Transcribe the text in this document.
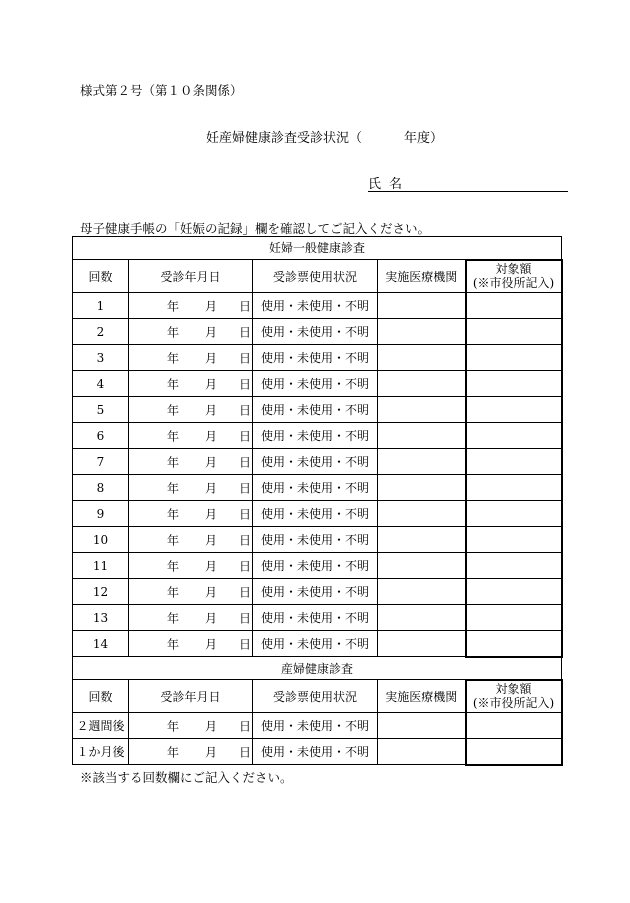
様式第２号（第１０条関係）
妊産婦健康診査受診状況（	年度）
氏名
母子健康手帳の「妊娠の記録」欄を確認してご記入ください。
妊婦一般健康診査				
回数	受診年月日	受診票使用状況	実施医療機関	対象額
(※市役所記入)

1	年 月 日	使用・未使用・不明		
2	年 月 日	使用・未使用・不明		
3	年 月 日	使用・未使用・不明		
4	年 月 日	使用・未使用・不明		
5	年 月 日	使用・未使用・不明		
6	年 月 日	使用・未使用・不明		
7	年 月 日	使用・未使用・不明		
8	年 月 日	使用・未使用・不明		
9	年 月 日	使用・未使用・不明		
10	年 月 日	使用・未使用・不明		
11	年 月 日	使用・未使用・不明		
12	年 月 日	使用・未使用・不明		
13	年 月 日	使用・未使用・不明		
14	年 月 日	使用・未使用・不明		
産婦健康診査				
回数	受診年月日	受診票使用状況	実施医療機関	対象額
(※市役所記入)

２週間後	年 月 日	使用・未使用・不明		
１か月後	年 月 日	使用・未使用・不明		
※該当する回数欄にご記入ください。
